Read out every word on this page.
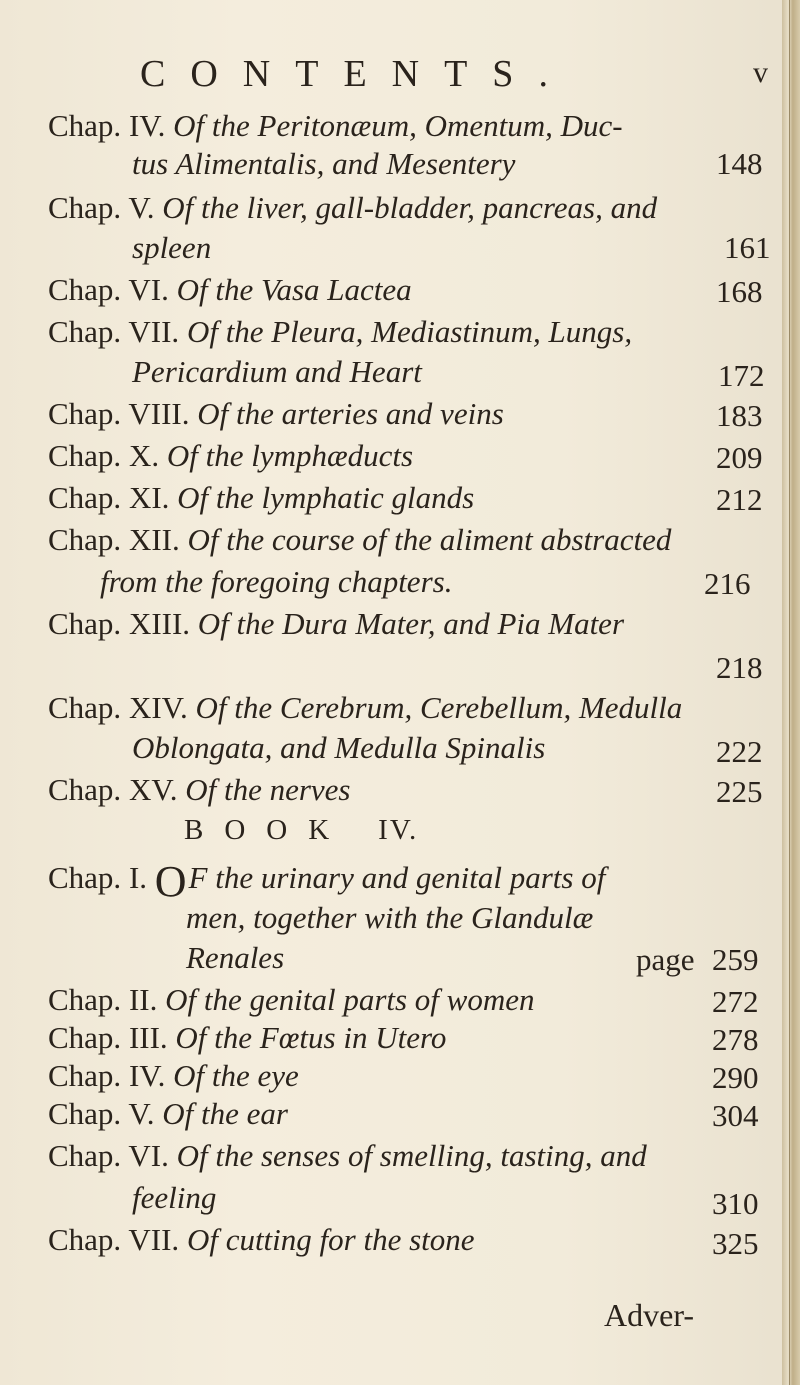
CONTENTS.	v
Chap. IV. Of the Peritonæum, Omentum, Duc-
tus Alimentalis, and Mesentery	148
Chap. V. Of the liver, gall-bladder, pancreas, and
spleen	161
Chap. VI. Of the Vasa Lactea	168
Chap. VII. Of the Pleura, Mediastinum, Lungs,
Pericardium and Heart	172
Chap. VIII. Of the arteries and veins	183
Chap. X. Of the lymphæducts	209
Chap. XI. Of the lymphatic glands	212
Chap. XII. Of the course of the aliment abstracted
from the foregoing chapters.	216
Chap. XIII. Of the Dura Mater, and Pia Mater
218
Chap. XIV. Of the Cerebrum, Cerebellum, Medulla
Oblongata, and Medulla Spinalis	222
Chap. XV. Of the nerves	225
BOOK IV.
Chap. I. OF the urinary and genital parts of
men, together with the Glandulæ
Renales	page 259
Chap. II. Of the genital parts of women	272
Chap. III. Of the Fœtus in Utero	278
Chap. IV. Of the eye	290
Chap. V. Of the ear	304
Chap. VI. Of the senses of smelling, tasting, and
feeling	310
Chap. VII. Of cutting for the stone	325
Adver-
